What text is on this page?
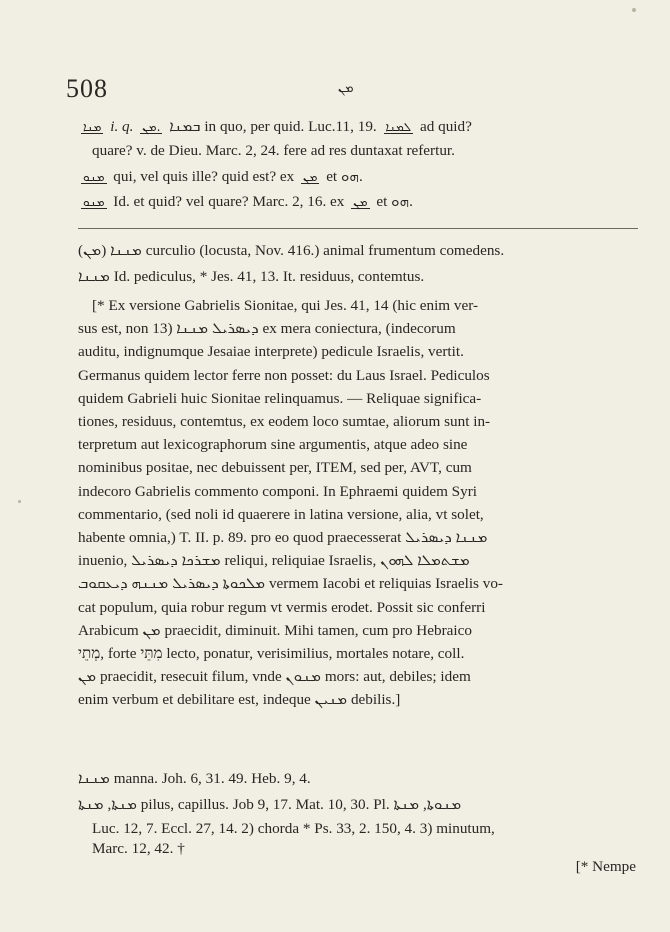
508	ܡܢ
ܡܢܐ i. q. ܡܢ. ܒܡܢܐ in quo, per quid. Luc.11, 19. ܠܡܢܐ ad quid?
quare? v. de Dieu. Marc. 2, 24. fere ad res duntaxat refertur.
ܡܢܘ qui, vel quis ille? quid est? ex ܡܢ et ܗܘ.
ܡܢܘ Id. et quid? vel quare? Marc. 2, 16. ex ܡܢ et ܗܘ.
(ܡܢ) ܡܢܢܐ curculio (locusta, Nov. 416.) animal frumentum comedens.
ܡܢܢܐ Id. pediculus, * Jes. 41, 13. It. residuus, contemtus.
[* Ex versione Gabrielis Sionitae, qui Jes. 41, 14 (hic enim ver-
sus est, non 13) ܕܝܣܪܝܠ ܡܢܢܐ ex mera coniectura, (indecorum
auditu, indignumque Jesaiae interprete) pedicule Israelis, vertit.
Germanus quidem lector ferre non posset: du Laus Israel. Pediculos
quidem Gabrieli huic Sionitae relinquamus. — Reliquae significa-
tiones, residuus, contemtus, ex eodem loco sumtae, aliorum sunt in-
terpretum aut lexicographorum sine argumentis, atque adeo sine
nominibus positae, nec debuissent per, ITEM, sed per, AVT, cum
indecoro Gabrielis commento componi. In Ephraemi quidem Syri
commentario, (sed noli id quaerere in latina versione, alia, vt solet,
habente omnia,) T. II. p. 89. pro eo quod praecesserat ܡܢܢܐ ܕܝܣܪܝܠ
inuenio, ܡܫܪܟܐ ܕܝܣܪܝܠ reliqui, reliquiae Israelis, ܡܫܬܡܠܐ ܠܗܘܢ
ܡܠܟܘܬܐ ܕܝܣܪܝܠ ܡܢܢܗ ܕܝܥܩܘܒ vermem Iacobi et reliquias Israelis vo-
cat populum, quia robur regum vt vermis erodet. Possit sic conferri
Arabicum ܡܢ praecidit, diminuit. Mihi tamen, cum pro Hebraico
מְתֵי, forte מִתֵּי lecto, ponatur, verisimilius, mortales notare, coll.
ܡܢ praecidit, resecuit filum, vnde ܡܢܘܢ mors: aut, debiles; idem
enim verbum et debilitare est, indeque ܡܢܝܢ debilis.]
ܡܢܢܐ manna. Joh. 6, 31. 49. Heb. 9, 4.
ܡܢܬܐ, ܡܢܬܐ pilus, capillus. Job 9, 17. Mat. 10, 30. Pl. ܡܢܘܬܐ, ܡܢܬܐ
Luc. 12, 7. Eccl. 27, 14. 2) chorda * Ps. 33, 2. 150, 4. 3) minutum,
Marc. 12, 42. †
[* Nempe
